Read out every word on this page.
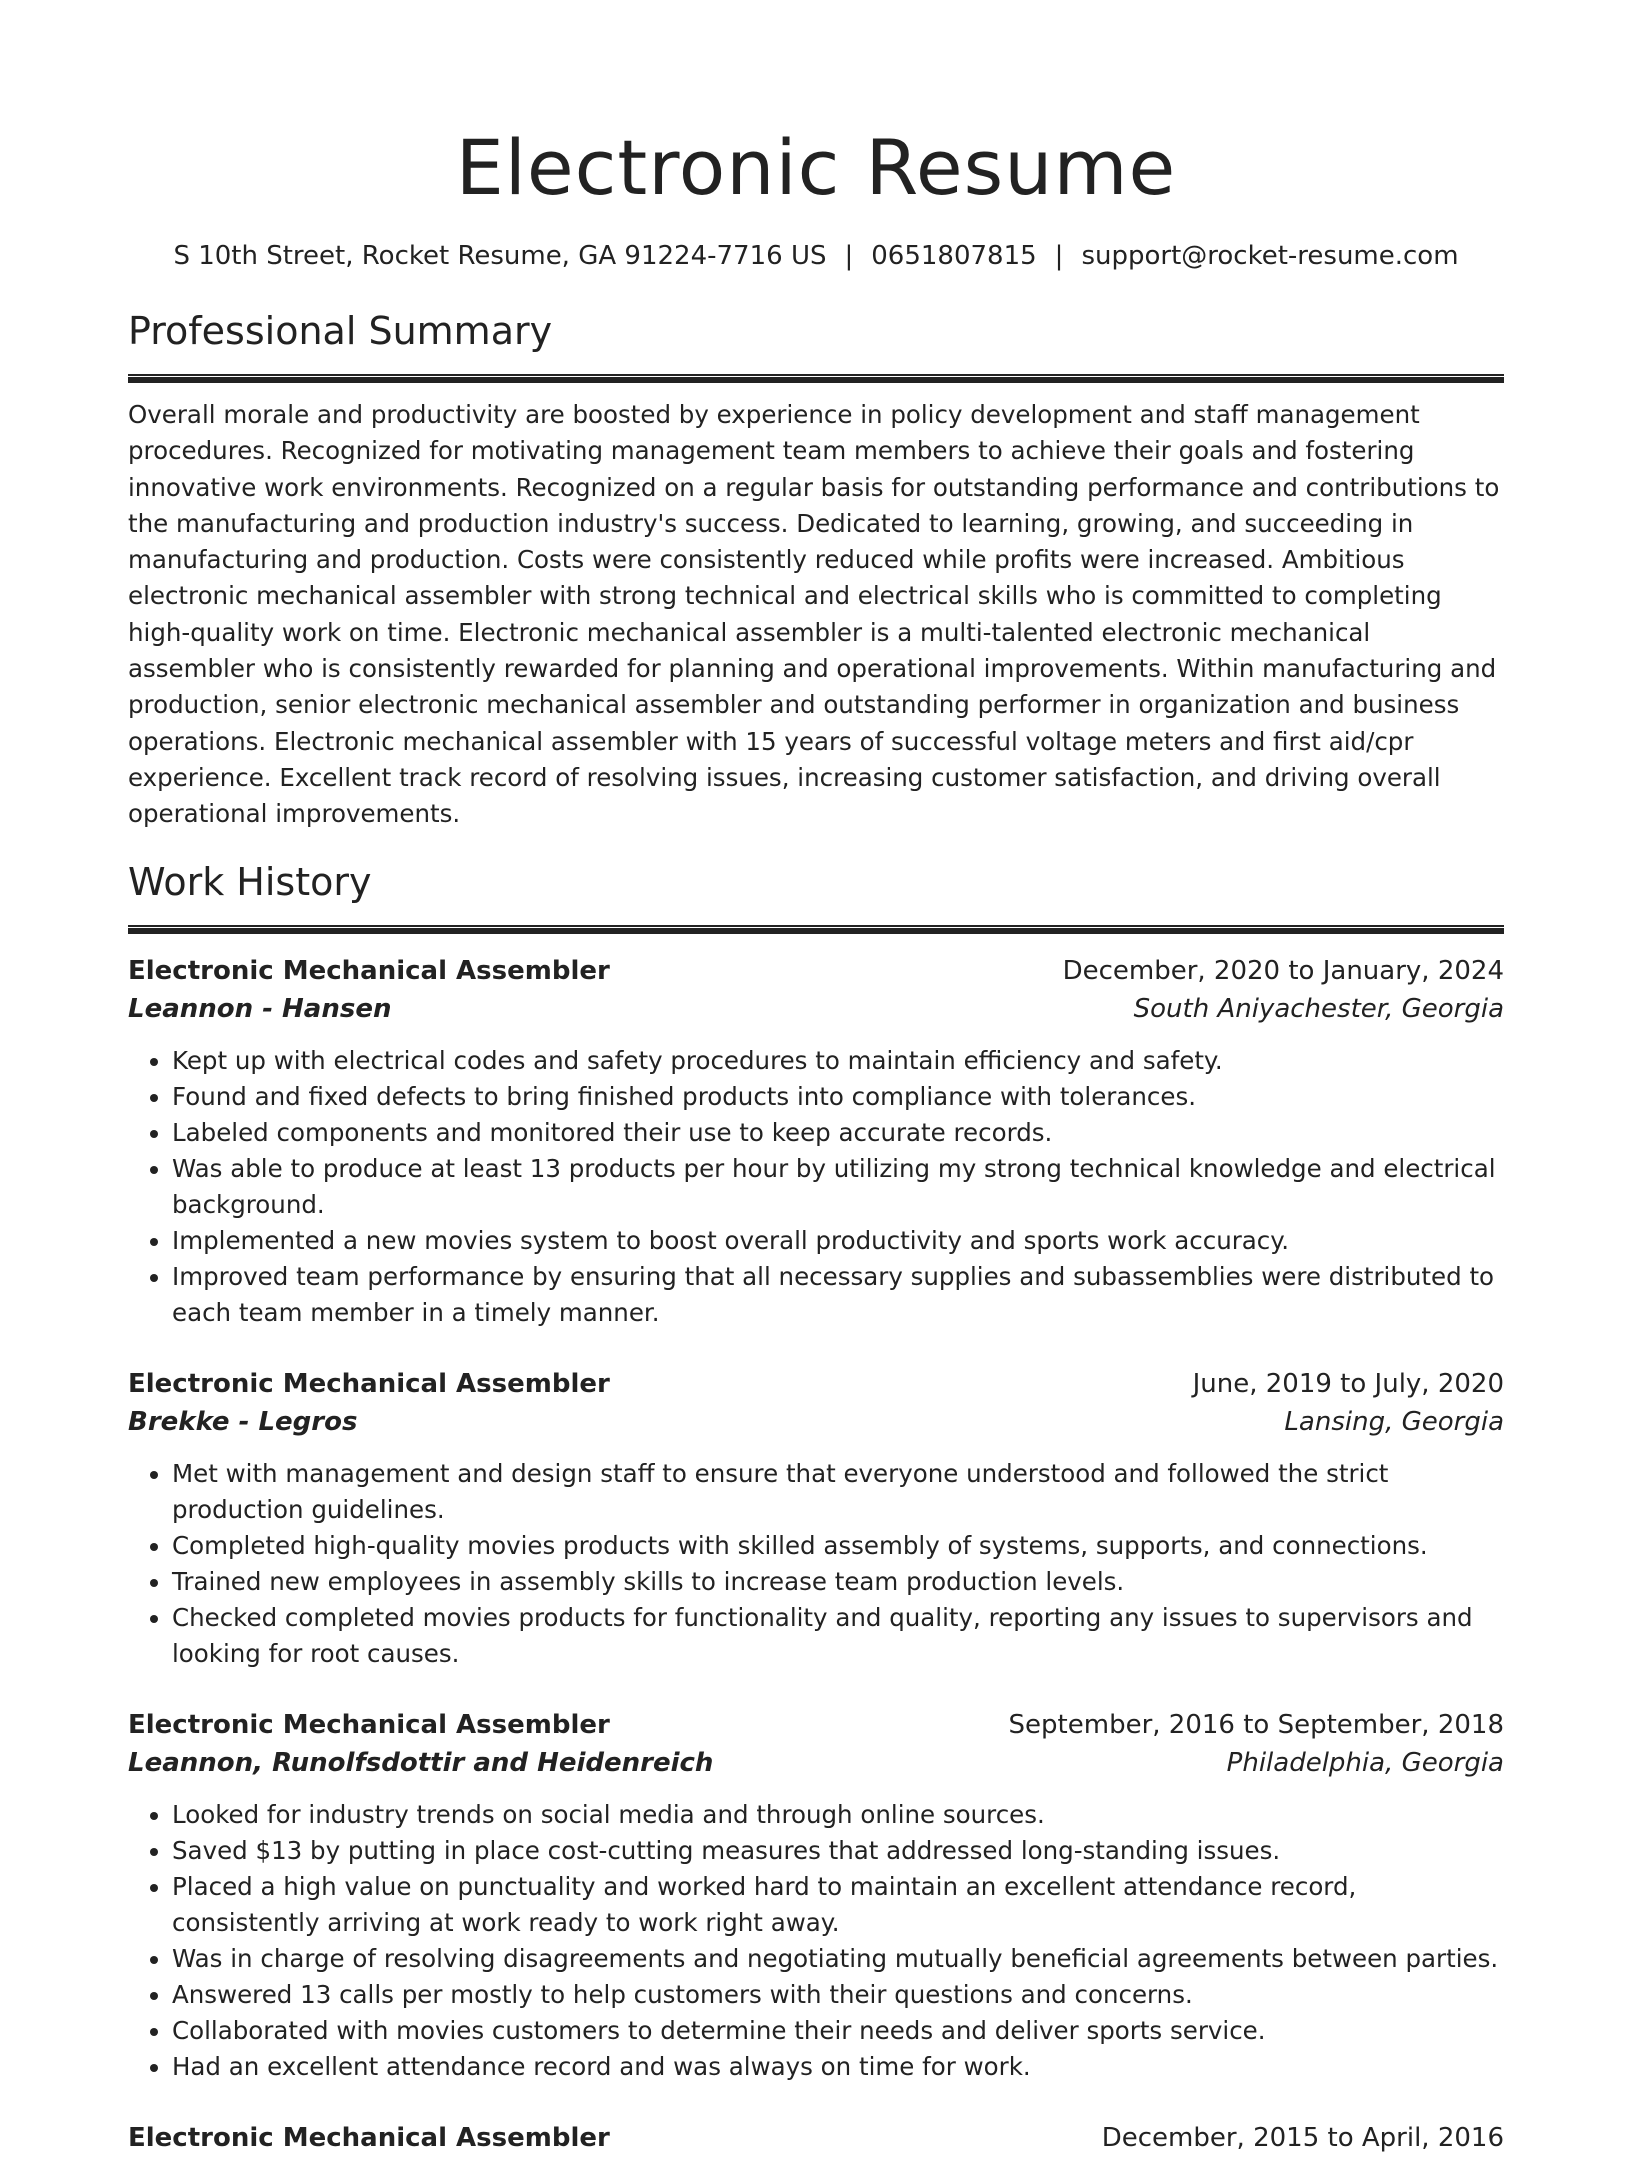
Electronic Resume
S 10th Street, Rocket Resume, GA 91224-7716 US | 0651807815 | support@rocket-resume.com
Professional Summary

Overall morale and productivity are boosted by experience in policy development and staff management procedures. Recognized for motivating management team members to achieve their goals and fostering innovative work environments. Recognized on a regular basis for outstanding performance and contributions to the manufacturing and production industry's success. Dedicated to learning, growing, and succeeding in manufacturing and production. Costs were consistently reduced while profits were increased. Ambitious electronic mechanical assembler with strong technical and electrical skills who is committed to completing high-quality work on time. Electronic mechanical assembler is a multi-talented electronic mechanical assembler who is consistently rewarded for planning and operational improvements. Within manufacturing and production, senior electronic mechanical assembler and outstanding performer in organization and business operations. Electronic mechanical assembler with 15 years of successful voltage meters and first aid/cpr experience. Excellent track record of resolving issues, increasing customer satisfaction, and driving overall operational improvements.

Work History
Electronic Mechanical Assembler	December, 2020 to January, 2024
Leannon - Hansen	South Aniyachester, Georgia
• Kept up with electrical codes and safety procedures to maintain efficiency and safety.
• Found and fixed defects to bring finished products into compliance with tolerances.
• Labeled components and monitored their use to keep accurate records.
• Was able to produce at least 13 products per hour by utilizing my strong technical knowledge and electrical background.
• Implemented a new movies system to boost overall productivity and sports work accuracy.
• Improved team performance by ensuring that all necessary supplies and subassemblies were distributed to each team member in a timely manner.
Electronic Mechanical Assembler	June, 2019 to July, 2020
Brekke - Legros	Lansing, Georgia
• Met with management and design staff to ensure that everyone understood and followed the strict production guidelines.
• Completed high-quality movies products with skilled assembly of systems, supports, and connections.
• Trained new employees in assembly skills to increase team production levels.
• Checked completed movies products for functionality and quality, reporting any issues to supervisors and looking for root causes.
Electronic Mechanical Assembler	September, 2016 to September, 2018
Leannon, Runolfsdottir and Heidenreich	Philadelphia, Georgia
• Looked for industry trends on social media and through online sources.
• Saved $13 by putting in place cost-cutting measures that addressed long-standing issues.
• Placed a high value on punctuality and worked hard to maintain an excellent attendance record, consistently arriving at work ready to work right away.
• Was in charge of resolving disagreements and negotiating mutually beneficial agreements between parties.
• Answered 13 calls per mostly to help customers with their questions and concerns.
• Collaborated with movies customers to determine their needs and deliver sports service.
• Had an excellent attendance record and was always on time for work.
Electronic Mechanical Assembler	December, 2015 to April, 2016
